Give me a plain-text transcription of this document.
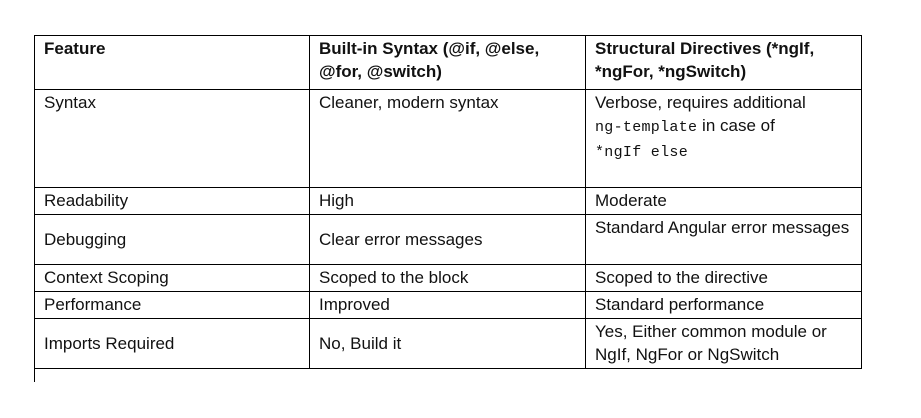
Feature	Built-in Syntax (@if, @else, @for, @switch)	Structural Directives (*ngIf, *ngFor, *ngSwitch)
Syntax	Cleaner, modern syntax	Verbose, requires additional
ng-template in case of
*ngIf else
Readability	High	Moderate
Debugging	Clear error messages	Standard Angular error messages
Context Scoping	Scoped to the block	Scoped to the directive
Performance	Improved	Standard performance
Imports Required	No, Build it	Yes, Either common module or NgIf, NgFor or NgSwitch
